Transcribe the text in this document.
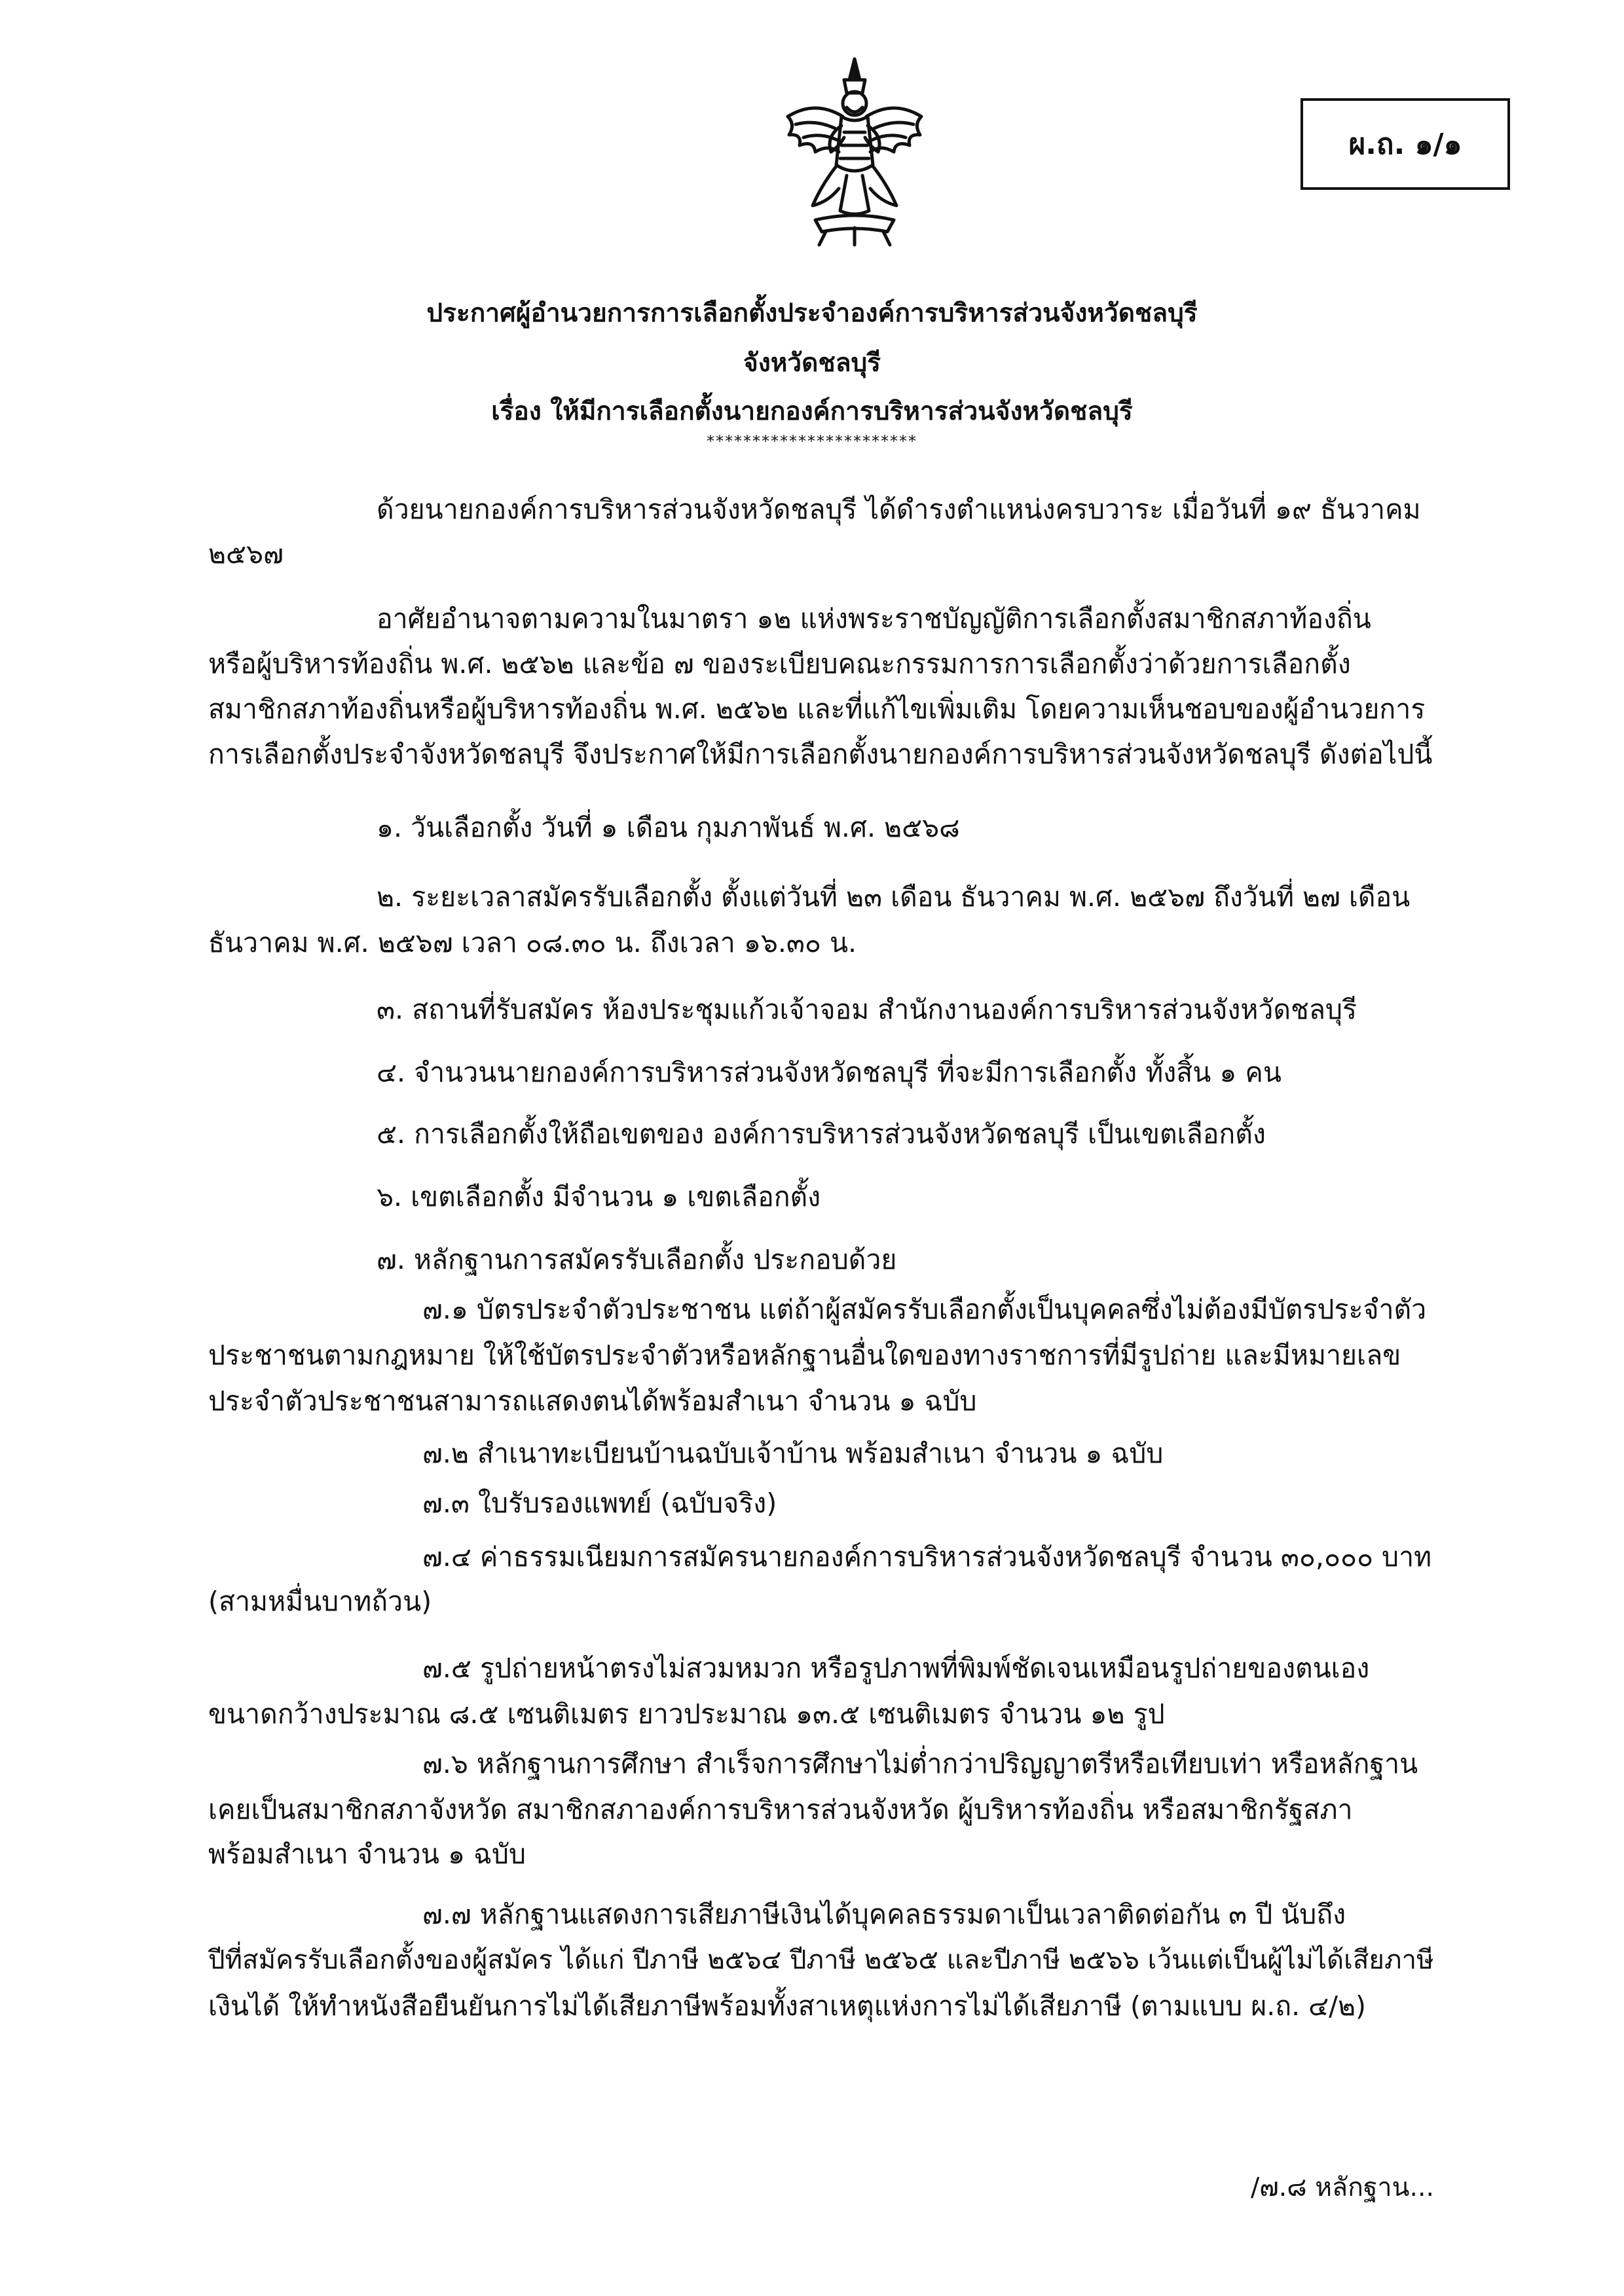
ผ.ถ. ๑/๑
ประกาศผู้อำนวยการการเลือกตั้งประจำองค์การบริหารส่วนจังหวัดชลบุรี
จังหวัดชลบุรี
เรื่อง ให้มีการเลือกตั้งนายกองค์การบริหารส่วนจังหวัดชลบุรี
***********************
ด้วยนายกองค์การบริหารส่วนจังหวัดชลบุรี ได้ดำรงตำแหน่งครบวาระ เมื่อวันที่ ๑๙ ธันวาคม
๒๕๖๗
อาศัยอำนาจตามความในมาตรา ๑๒ แห่งพระราชบัญญัติการเลือกตั้งสมาชิกสภาท้องถิ่น
หรือผู้บริหารท้องถิ่น พ.ศ. ๒๕๖๒ และข้อ ๗ ของระเบียบคณะกรรมการการเลือกตั้งว่าด้วยการเลือกตั้ง
สมาชิกสภาท้องถิ่นหรือผู้บริหารท้องถิ่น พ.ศ. ๒๕๖๒ และที่แก้ไขเพิ่มเติม โดยความเห็นชอบของผู้อำนวยการ
การเลือกตั้งประจำจังหวัดชลบุรี จึงประกาศให้มีการเลือกตั้งนายกองค์การบริหารส่วนจังหวัดชลบุรี ดังต่อไปนี้
๑. วันเลือกตั้ง วันที่ ๑ เดือน กุมภาพันธ์ พ.ศ. ๒๕๖๘
๒. ระยะเวลาสมัครรับเลือกตั้ง ตั้งแต่วันที่ ๒๓ เดือน ธันวาคม พ.ศ. ๒๕๖๗ ถึงวันที่ ๒๗ เดือน
ธันวาคม พ.ศ. ๒๕๖๗ เวลา ๐๘.๓๐ น. ถึงเวลา ๑๖.๓๐ น.
๓. สถานที่รับสมัคร ห้องประชุมแก้วเจ้าจอม สำนักงานองค์การบริหารส่วนจังหวัดชลบุรี
๔. จำนวนนายกองค์การบริหารส่วนจังหวัดชลบุรี ที่จะมีการเลือกตั้ง ทั้งสิ้น ๑ คน
๕. การเลือกตั้งให้ถือเขตของ องค์การบริหารส่วนจังหวัดชลบุรี เป็นเขตเลือกตั้ง
๖. เขตเลือกตั้ง มีจำนวน ๑ เขตเลือกตั้ง
๗. หลักฐานการสมัครรับเลือกตั้ง ประกอบด้วย
๗.๑ บัตรประจำตัวประชาชน แต่ถ้าผู้สมัครรับเลือกตั้งเป็นบุคคลซึ่งไม่ต้องมีบัตรประจำตัว
ประชาชนตามกฎหมาย ให้ใช้บัตรประจำตัวหรือหลักฐานอื่นใดของทางราชการที่มีรูปถ่าย และมีหมายเลข
ประจำตัวประชาชนสามารถแสดงตนได้พร้อมสำเนา จำนวน ๑ ฉบับ
๗.๒ สำเนาทะเบียนบ้านฉบับเจ้าบ้าน พร้อมสำเนา จำนวน ๑ ฉบับ
๗.๓ ใบรับรองแพทย์ (ฉบับจริง)
๗.๔ ค่าธรรมเนียมการสมัครนายกองค์การบริหารส่วนจังหวัดชลบุรี จำนวน ๓๐,๐๐๐ บาท
(สามหมื่นบาทถ้วน)
๗.๕ รูปถ่ายหน้าตรงไม่สวมหมวก หรือรูปภาพที่พิมพ์ชัดเจนเหมือนรูปถ่ายของตนเอง
ขนาดกว้างประมาณ ๘.๕ เซนติเมตร ยาวประมาณ ๑๓.๕ เซนติเมตร จำนวน ๑๒ รูป
๗.๖ หลักฐานการศึกษา สำเร็จการศึกษาไม่ต่ำกว่าปริญญาตรีหรือเทียบเท่า หรือหลักฐาน
เคยเป็นสมาชิกสภาจังหวัด สมาชิกสภาองค์การบริหารส่วนจังหวัด ผู้บริหารท้องถิ่น หรือสมาชิกรัฐสภา
พร้อมสำเนา จำนวน ๑ ฉบับ
๗.๗ หลักฐานแสดงการเสียภาษีเงินได้บุคคลธรรมดาเป็นเวลาติดต่อกัน ๓ ปี นับถึง
ปีที่สมัครรับเลือกตั้งของผู้สมัคร ได้แก่ ปีภาษี ๒๕๖๔ ปีภาษี ๒๕๖๕ และปีภาษี ๒๕๖๖ เว้นแต่เป็นผู้ไม่ได้เสียภาษี
เงินได้ ให้ทำหนังสือยืนยันการไม่ได้เสียภาษีพร้อมทั้งสาเหตุแห่งการไม่ได้เสียภาษี (ตามแบบ ผ.ถ. ๔/๒)
/๗.๘ หลักฐาน...
